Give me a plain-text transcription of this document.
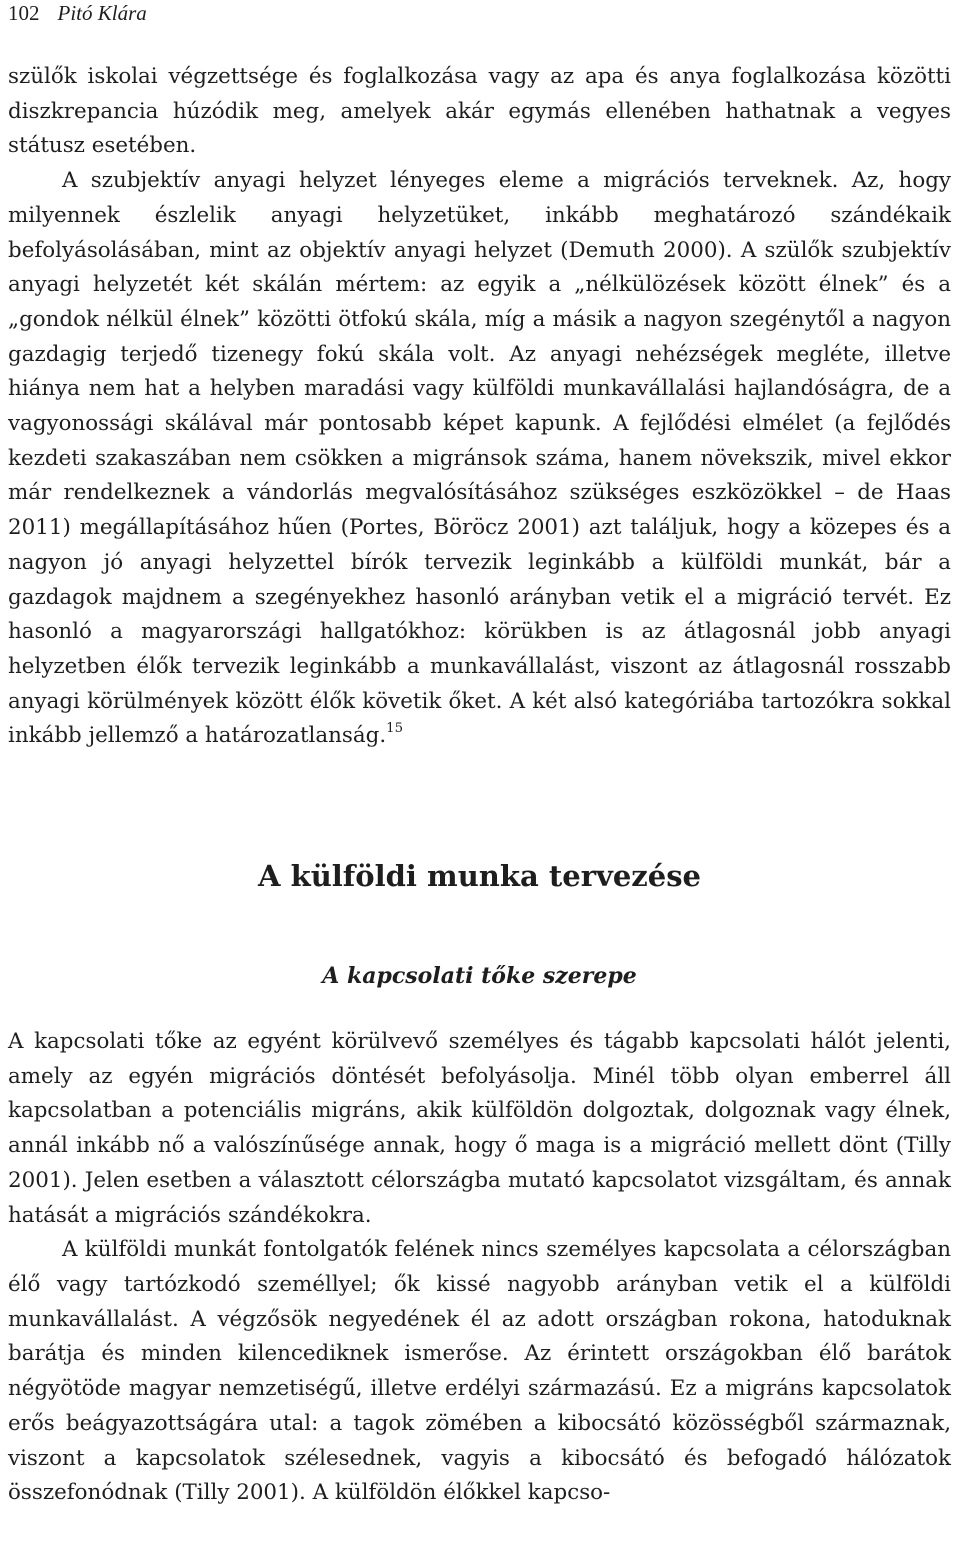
102 Pitó Klára

szülők iskolai végzettsége és foglalkozása vagy az apa és anya foglalkozása közötti diszkrepancia húzódik meg, amelyek akár egymás ellenében hathatnak a vegyes státusz esetében.

A szubjektív anyagi helyzet lényeges eleme a migrációs terveknek. Az, hogy milyennek észlelik anyagi helyzetüket, inkább meghatározó szándékaik befolyásolásában, mint az objektív anyagi helyzet (Demuth 2000). A szülők szubjektív anyagi helyzetét két skálán mértem: az egyik a „nélkülözések között élnek” és a „gondok nélkül élnek” közötti ötfokú skála, míg a másik a nagyon szegénytől a nagyon gazdagig terjedő tizenegy fokú skála volt. Az anyagi nehézségek megléte, illetve hiánya nem hat a helyben maradási vagy külföldi munkavállalási hajlandóságra, de a vagyonossági skálával már pontosabb képet kapunk. A fejlődési elmélet (a fejlődés kezdeti szakaszában nem csökken a migránsok száma, hanem növekszik, mivel ekkor már rendelkeznek a vándorlás megvalósításához szükséges eszközökkel – de Haas 2011) megállapításához hűen (Portes, Böröcz 2001) azt találjuk, hogy a közepes és a nagyon jó anyagi helyzettel bírók tervezik leginkább a külföldi munkát, bár a gazdagok majdnem a szegényekhez hasonló arányban vetik el a migráció tervét. Ez hasonló a magyarországi hallgatókhoz: körükben is az átlagosnál jobb anyagi helyzetben élők tervezik leginkább a munkavállalást, viszont az átlagosnál rosszabb anyagi körülmények között élők követik őket. A két alsó kategóriába tartozókra sokkal inkább jellemző a határozatlanság.$^{15}$

A külföldi munka tervezése
A kapcsolati tőke szerepe

A kapcsolati tőke az egyént körülvevő személyes és tágabb kapcsolati hálót jelenti, amely az egyén migrációs döntését befolyásolja. Minél több olyan emberrel áll kapcsolatban a potenciális migráns, akik külföldön dolgoztak, dolgoznak vagy élnek, annál inkább nő a valószínűsége annak, hogy ő maga is a migráció mellett dönt (Tilly 2001). Jelen esetben a választott célországba mutató kapcsolatot vizsgáltam, és annak hatását a migrációs szándékokra.

A külföldi munkát fontolgatók felének nincs személyes kapcsolata a célországban élő vagy tartózkodó személlyel; ők kissé nagyobb arányban vetik el a külföldi munkavállalást. A végzősök negyedének él az adott országban rokona, hatoduknak barátja és minden kilencediknek ismerőse. Az érintett országokban élő barátok négyötöde magyar nemzetiségű, illetve erdélyi származású. Ez a migráns kapcsolatok erős beágyazottságára utal: a tagok zömében a kibocsátó közösségből származnak, viszont a kapcsolatok szélesednek, vagyis a kibocsátó és befogadó hálózatok összefonódnak (Tilly 2001). A külföldön élőkkel kapcso-
